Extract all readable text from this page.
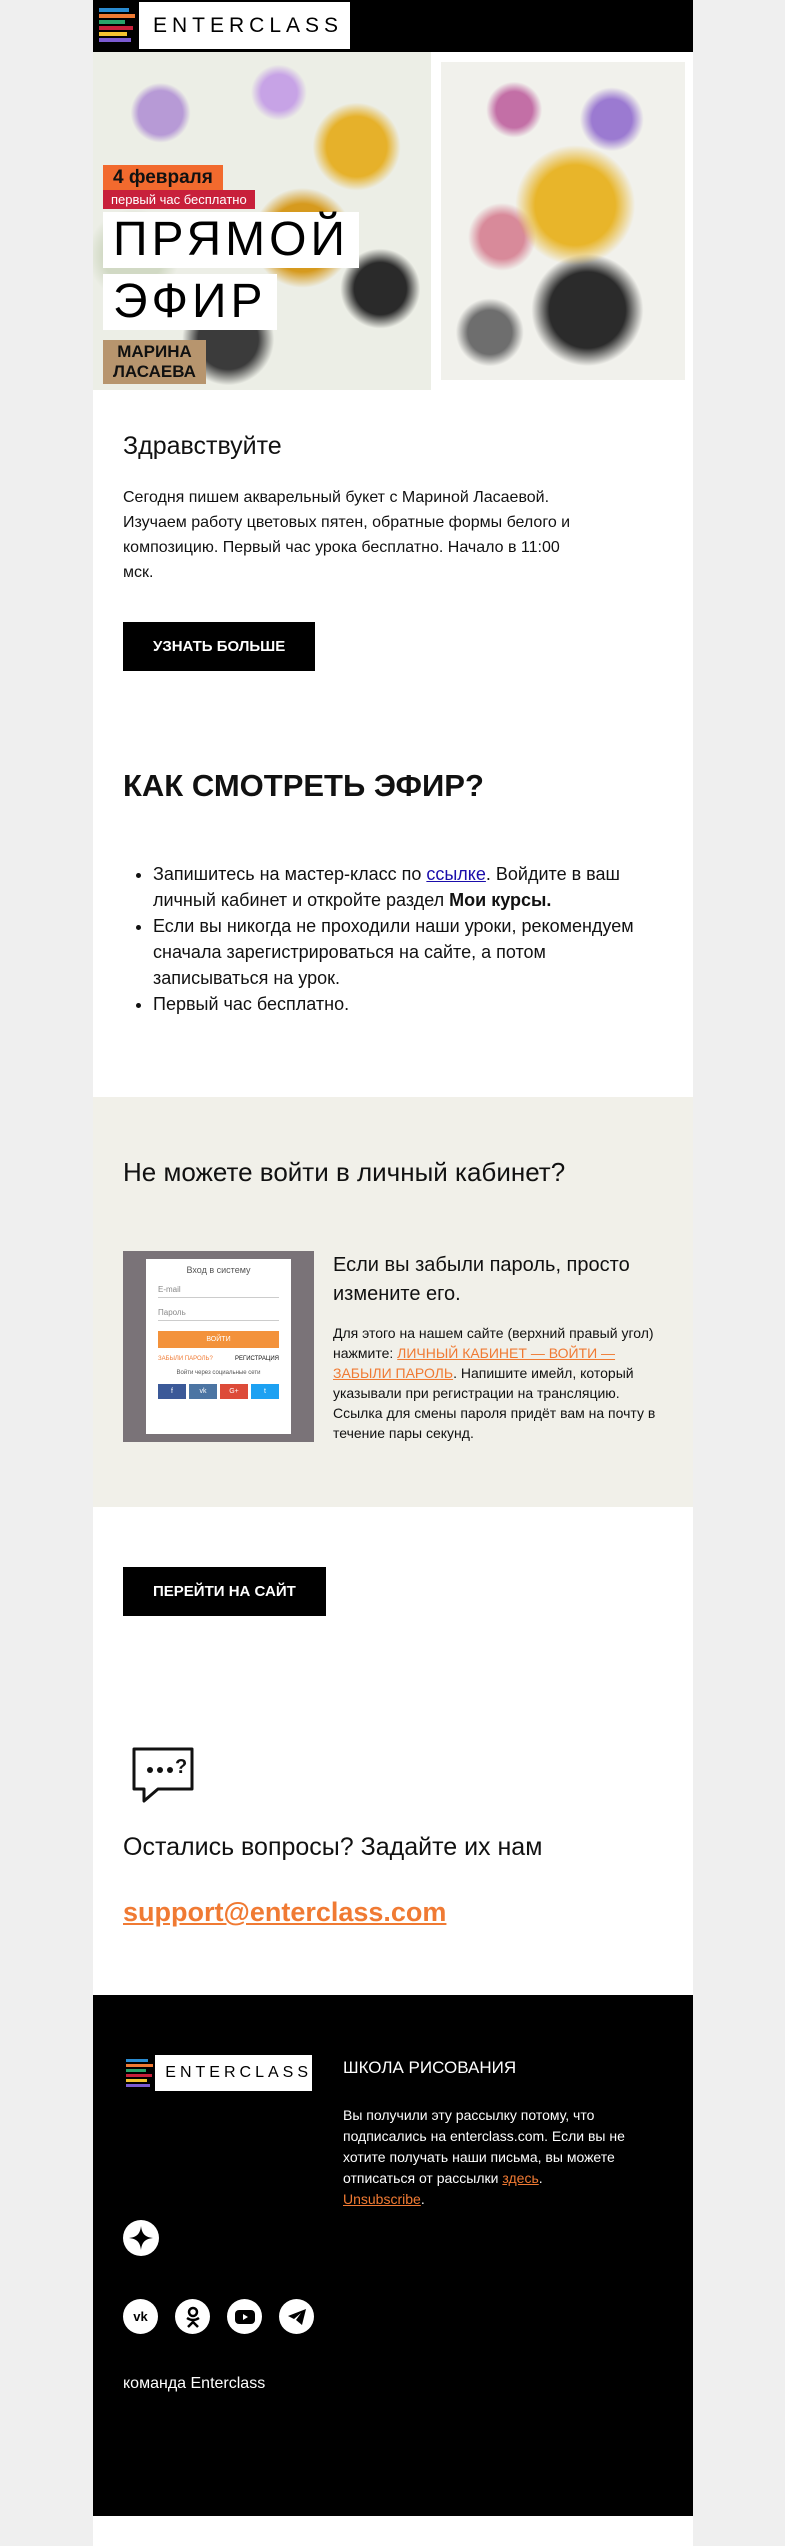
ENTERCLASS
4 февраля
первый час бесплатно
ПРЯМОЙ
ЭФИР
МАРИНА
ЛАСАЕВА
Здравствуйте

Сегодня пишем акварельный букет с Мариной Ласаевой. Изучаем работу цветовых пятен, обратные формы белого и композицию. Первый час урока бесплатно. Начало в 11:00 мск.

УЗНАТЬ БОЛЬШЕ
КАК СМОТРЕТЬ ЭФИР?
• Запишитесь на мастер-класс по ссылке. Войдите в ваш личный кабинет и откройте раздел Мои курсы.
• Если вы никогда не проходили наши уроки, рекомендуем сначала зарегистрироваться на сайте, а потом записываться на урок.
• Первый час бесплатно.
Не можете войти в личный кабинет?
Вход в систему
E-mail
Пароль
ВОЙТИ
ЗАБЫЛИ ПАРОЛЬ?	РЕГИСТРАЦИЯ
Войти через социальные сети
f	vk	G+	t
Если вы забыли пароль, просто измените его.

Для этого на нашем сайте (верхний правый угол) нажмите: ЛИЧНЫЙ КАБИНЕТ — ВОЙТИ — ЗАБЫЛИ ПАРОЛЬ. Напишите имейл, который указывали при регистрации на трансляцию. Ссылка для смены пароля придёт вам на почту в течение пары секунд.

ПЕРЕЙТИ НА САЙТ
?
Остались вопросы? Задайте их нам
support@enterclass.com
ENTERCLASS ШКОЛА РИСОВАНИЯ

Вы получили эту рассылку потому, что подписались на enterclass.com. Если вы не хотите получать наши письма, вы можете отписаться от рассылки здесь.
Unsubscribe.

vk
команда Enterclass
